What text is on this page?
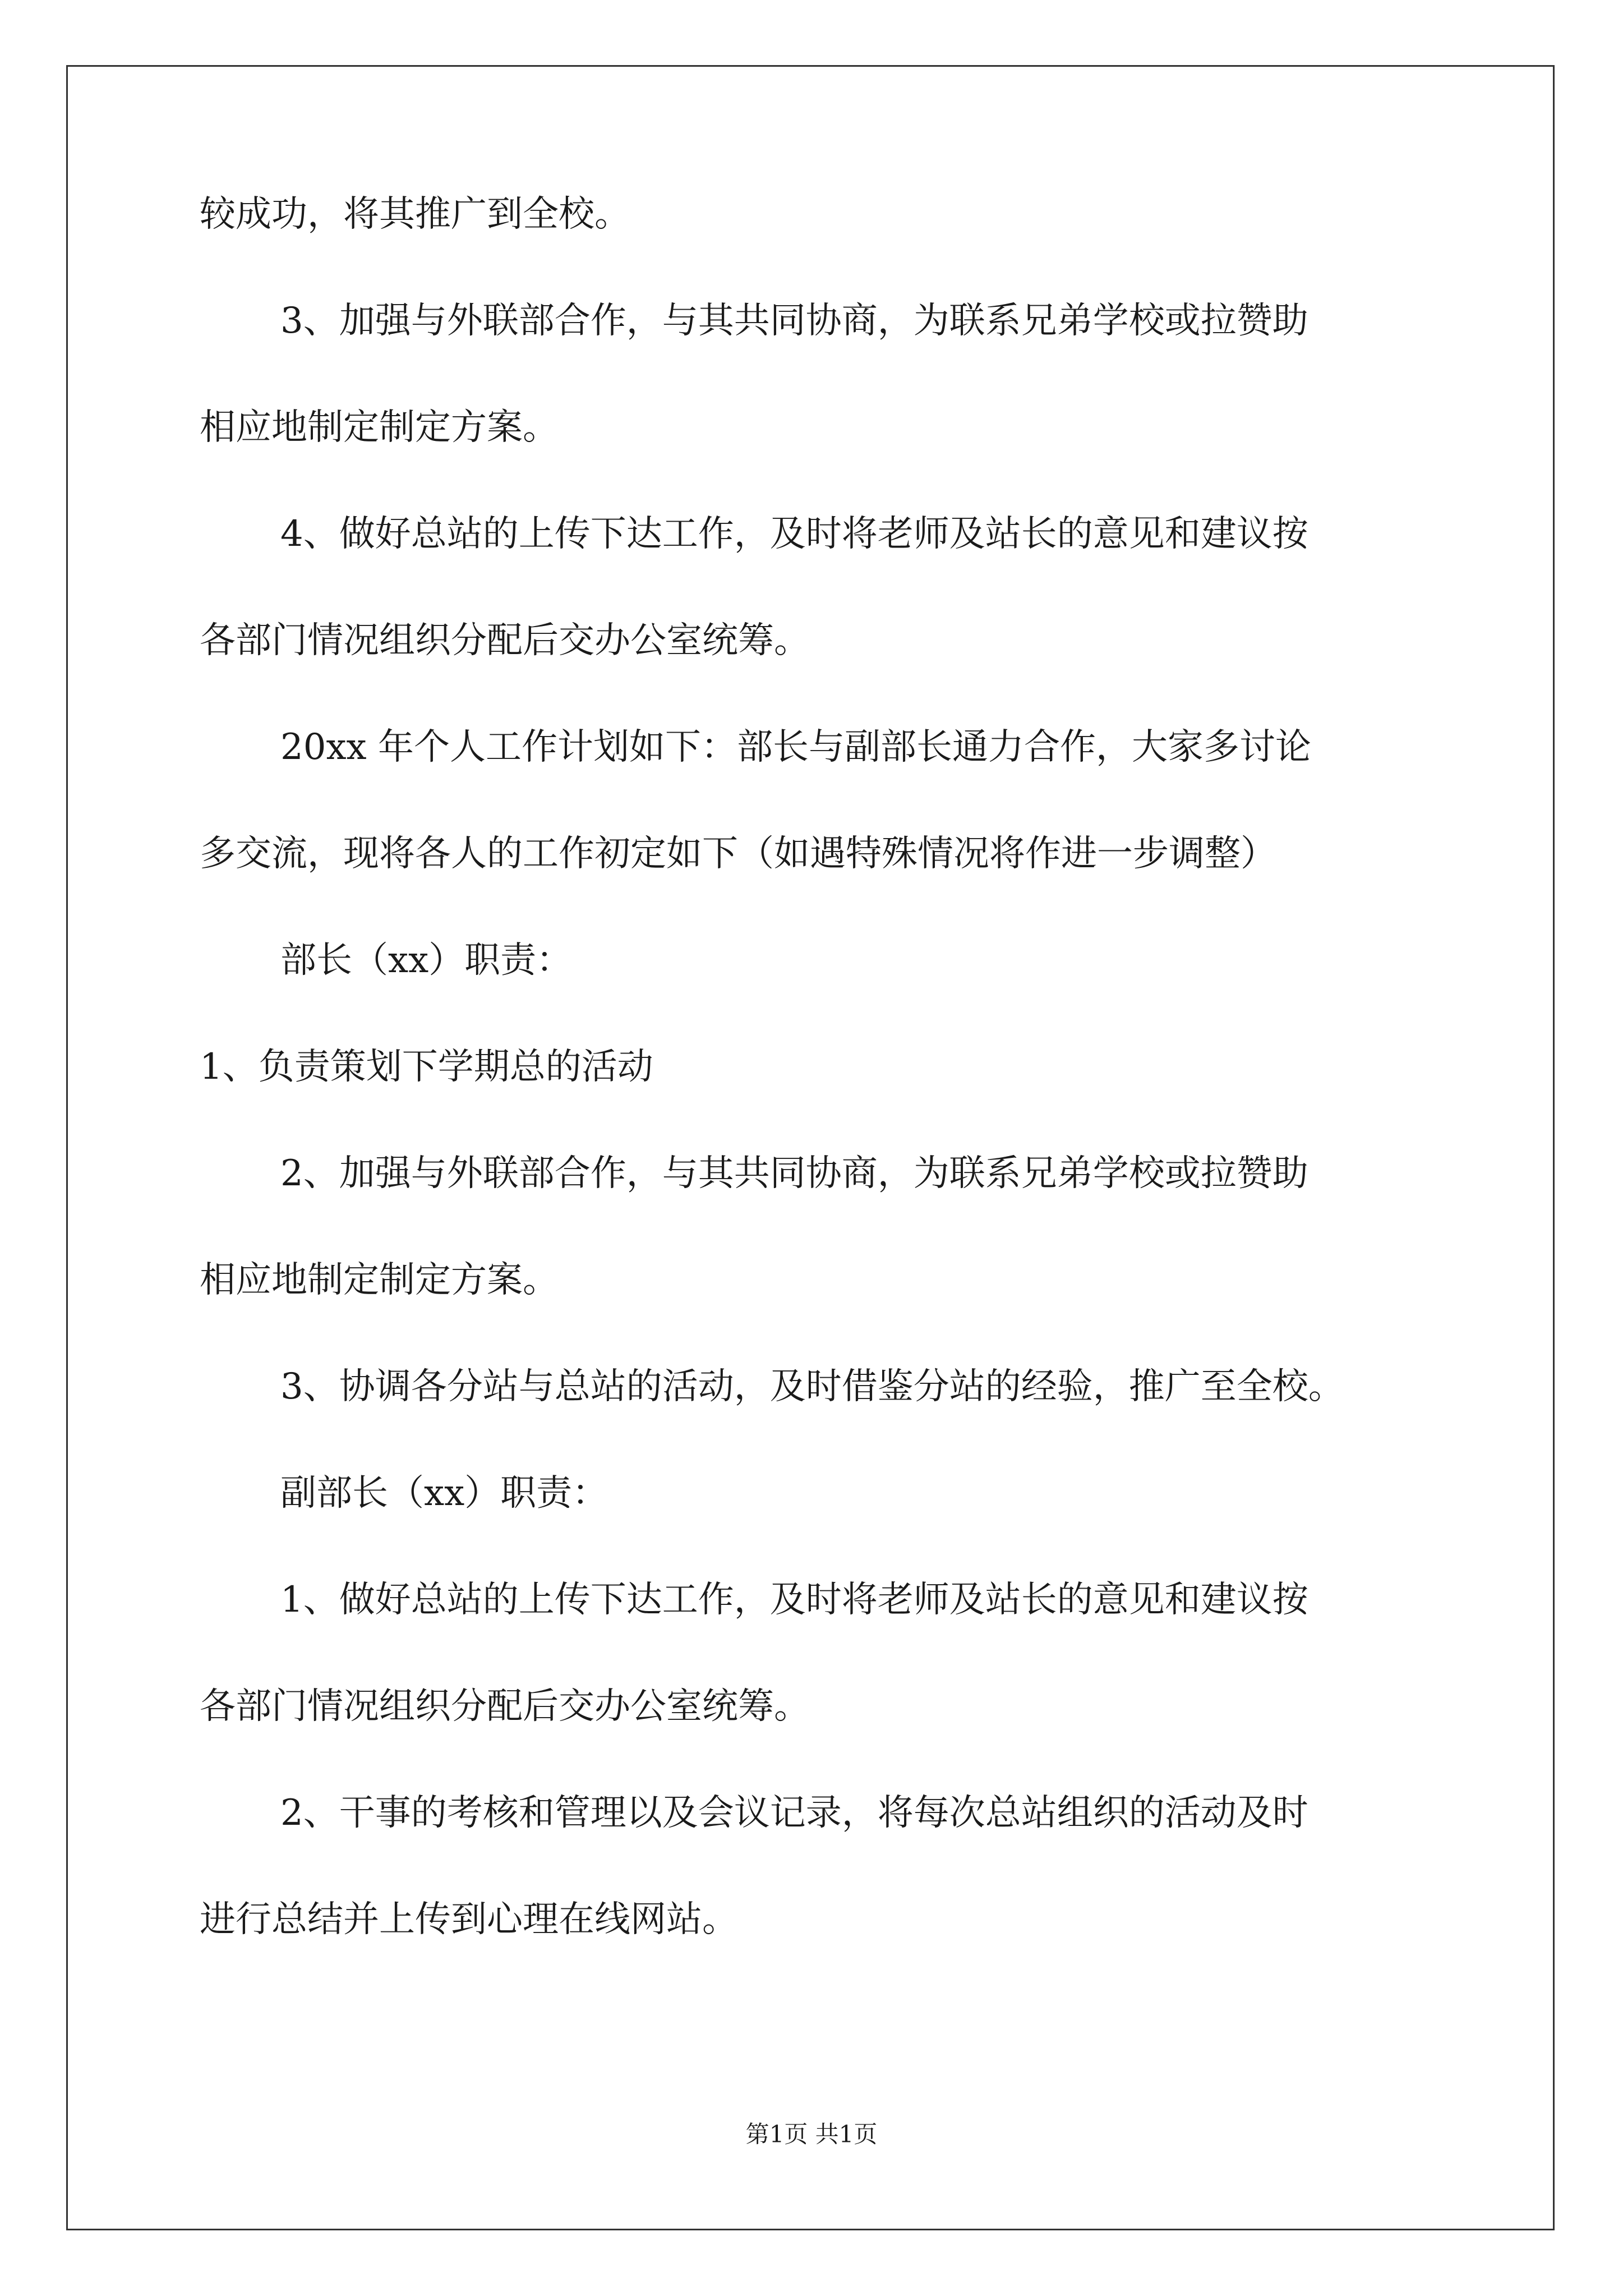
较成功，将其推广到全校。
3、加强与外联部合作，与其共同协商，为联系兄弟学校或拉赞助
相应地制定制定方案。
4、做好总站的上传下达工作，及时将老师及站长的意见和建议按
各部门情况组织分配后交办公室统筹。
20xx 年个人工作计划如下：部长与副部长通力合作，大家多讨论
多交流，现将各人的工作初定如下（如遇特殊情况将作进一步调整）
部长（xx）职责：
1、负责策划下学期总的活动
2、加强与外联部合作，与其共同协商，为联系兄弟学校或拉赞助
相应地制定制定方案。
3、协调各分站与总站的活动，及时借鉴分站的经验，推广至全校。
副部长（xx）职责：
1、做好总站的上传下达工作，及时将老师及站长的意见和建议按
各部门情况组织分配后交办公室统筹。
2、干事的考核和管理以及会议记录，将每次总站组织的活动及时
进行总结并上传到心理在线网站。
第1页 共1页
